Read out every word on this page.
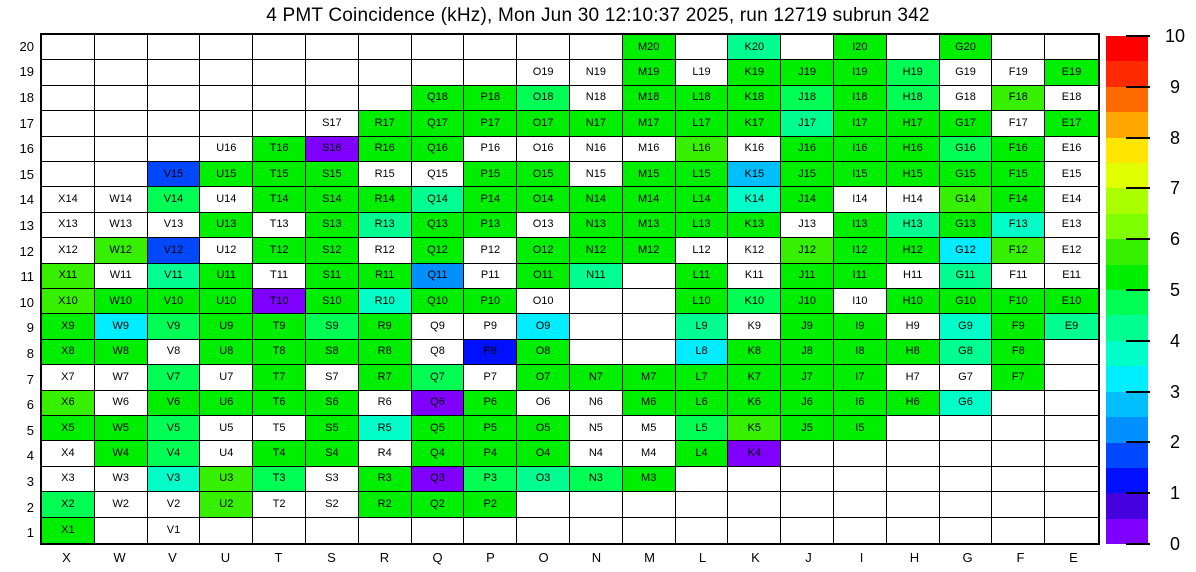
4 PMT Coincidence (kHz), Mon Jun 30 12:10:37 2025, run 12719 subrun 342
20
19
18
17
16
15
14
13
12
11
10
9
8
7
6
5
4
3
2
1
M20	K20	I20	G20
O19	N19	M19	L19	K19	J19	I19	H19	G19	F19	E19
Q18	P18	O18	N18	M18	L18	K18	J18	I18	H18	G18	F18	E18
S17	R17	Q17	P17	O17	N17	M17	L17	K17	J17	I17	H17	G17	F17	E17
U16	T16	S16	R16	Q16	P16	O16	N16	M16	L16	K16	J16	I16	H16	G16	F16	E16
V15	U15	T15	S15	R15	Q15	P15	O15	N15	M15	L15	K15	J15	I15	H15	G15	F15	E15
X14	W14	V14	U14	T14	S14	R14	Q14	P14	O14	N14	M14	L14	K14	J14	I14	H14	G14	F14	E14
X13	W13	V13	U13	T13	S13	R13	Q13	P13	O13	N13	M13	L13	K13	J13	I13	H13	G13	F13	E13
X12	W12	V12	U12	T12	S12	R12	Q12	P12	O12	N12	M12	L12	K12	J12	I12	H12	G12	F12	E12
X11	W11	V11	U11	T11	S11	R11	Q11	P11	O11	N11	L11	K11	J11	I11	H11	G11	F11	E11
X10	W10	V10	U10	T10	S10	R10	Q10	P10	O10	L10	K10	J10	I10	H10	G10	F10	E10
X9	W9	V9	U9	T9	S9	R9	Q9	P9	O9	L9	K9	J9	I9	H9	G9	F9	E9
X8	W8	V8	U8	T8	S8	R8	Q8	P8	O8	L8	K8	J8	I8	H8	G8	F8
X7	W7	V7	U7	T7	S7	R7	Q7	P7	O7	N7	M7	L7	K7	J7	I7	H7	G7	F7
X6	W6	V6	U6	T6	S6	R6	Q6	P6	O6	N6	M6	L6	K6	J6	I6	H6	G6
X5	W5	V5	U5	T5	S5	R5	Q5	P5	O5	N5	M5	L5	K5	J5	I5
X4	W4	V4	U4	T4	S4	R4	Q4	P4	O4	N4	M4	L4	K4
X3	W3	V3	U3	T3	S3	R3	Q3	P3	O3	N3	M3
X2	W2	V2	U2	T2	S2	R2	Q2	P2
X1	V1
X	W	V	U	T	S	R	Q	P	O	N	M	L	K	J	I	H	G	F	E
0
1
2
3
4
5
6
7
8
9
10
